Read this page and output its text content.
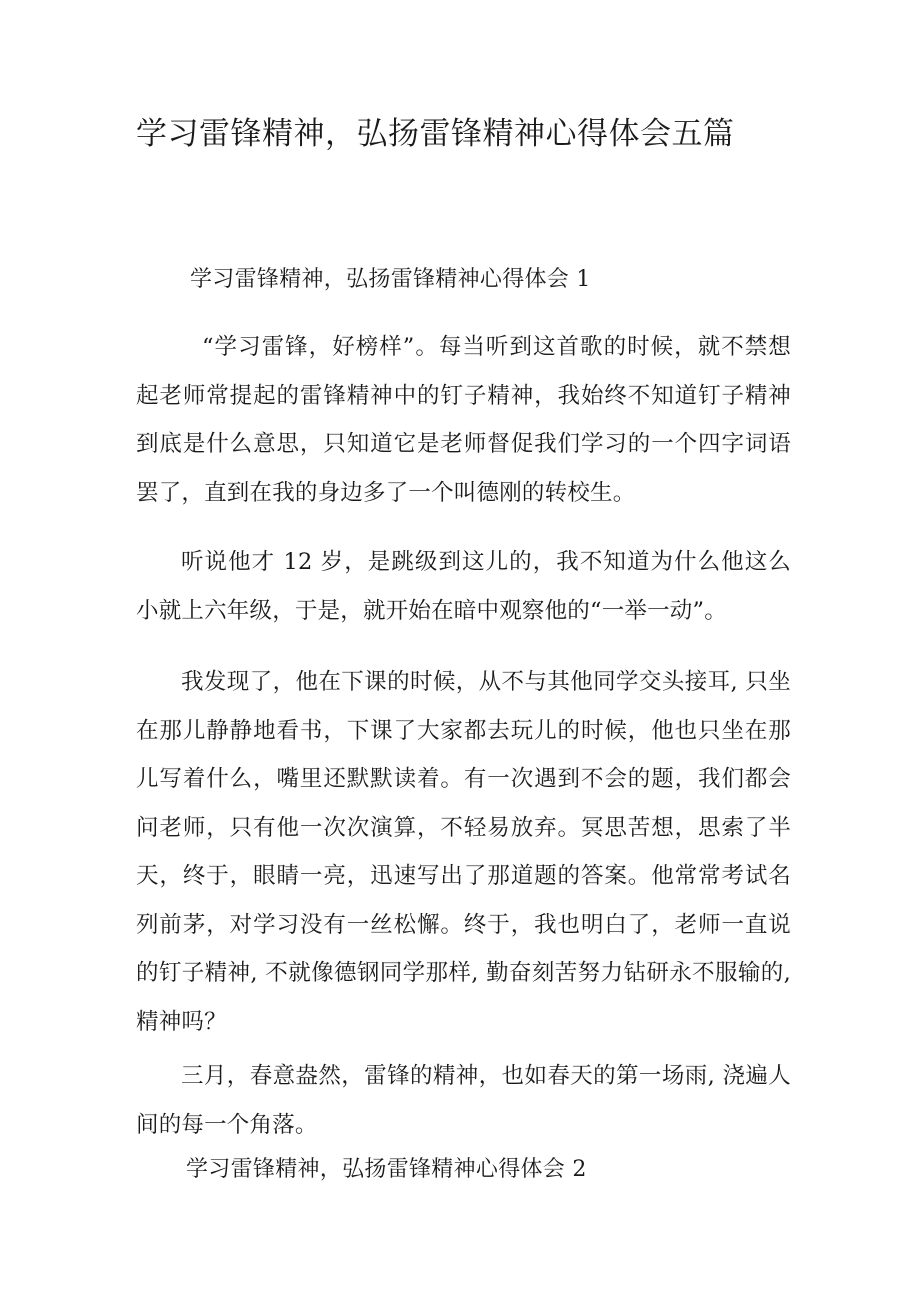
学习雷锋精神，弘扬雷锋精神心得体会五篇
学习雷锋精神，弘扬雷锋精神心得体会 1

“学习雷锋，好榜样”。每当听到这首歌的时候，就不禁想起老师常提起的雷锋精神中的钉子精神，我始终不知道钉子精神到底是什么意思，只知道它是老师督促我们学习的一个四字词语罢了，直到在我的身边多了一个叫德刚的转校生。

听说他才 12 岁，是跳级到这儿的，我不知道为什么他这么小就上六年级，于是，就开始在暗中观察他的“一举一动”。

我发现了，他在下课的时候，从不与其他同学交头接耳, 只坐在那儿静静地看书，下课了大家都去玩儿的时候，他也只坐在那儿写着什么，嘴里还默默读着。有一次遇到不会的题，我们都会问老师，只有他一次次演算，不轻易放弃。冥思苦想，思索了半天，终于，眼睛一亮，迅速写出了那道题的答案。他常常考试名列前茅，对学习没有一丝松懈。终于，我也明白了，老师一直说的钉子精神, 不就像德钢同学那样, 勤奋刻苦努力钻研永不服输的, 精神吗？

三月，春意盎然，雷锋的精神，也如春天的第一场雨, 浇遍人间的每一个角落。

学习雷锋精神，弘扬雷锋精神心得体会 2
